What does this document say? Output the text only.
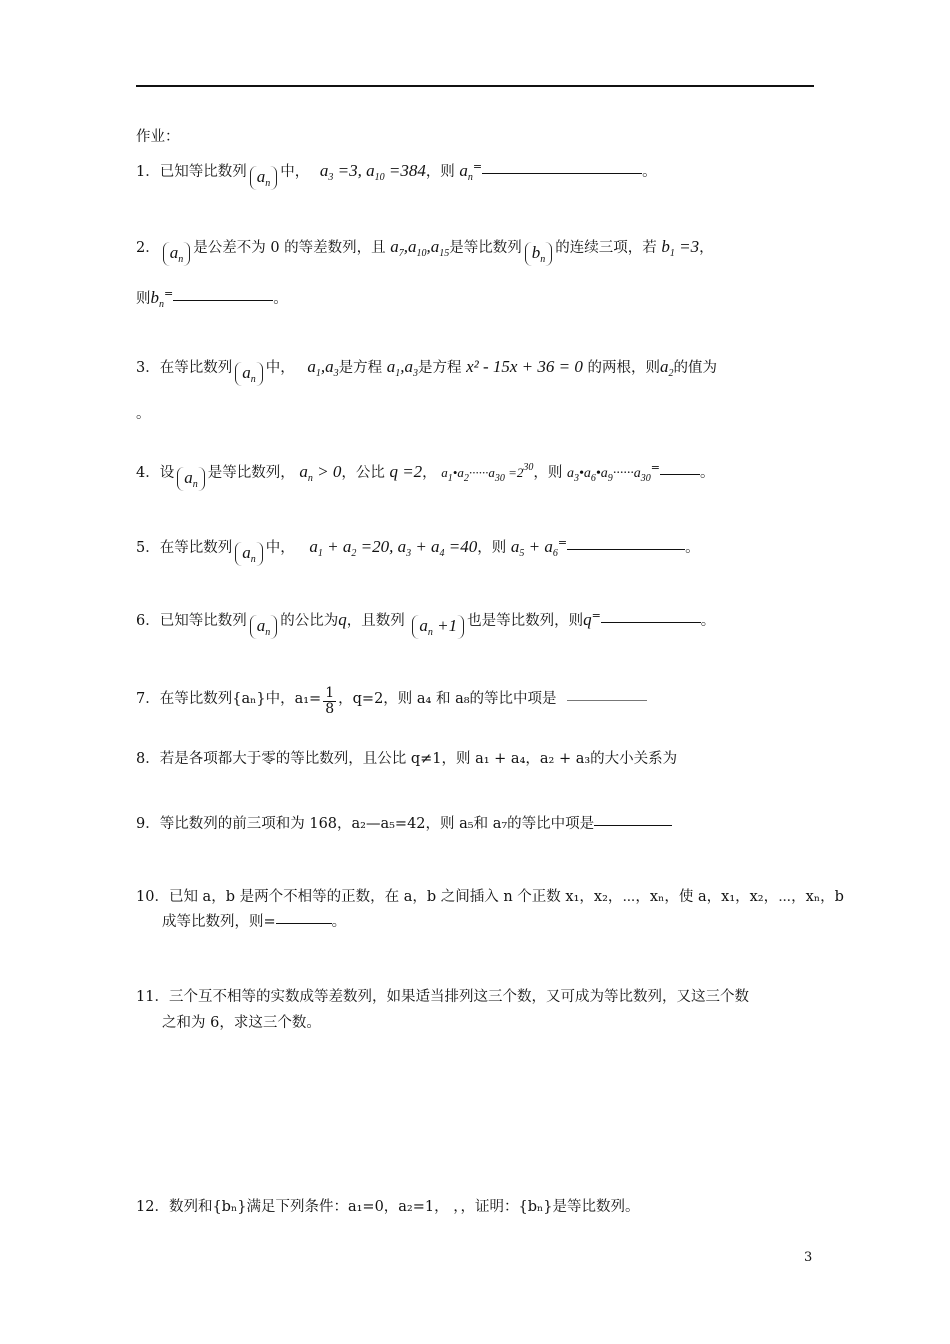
作业：
1．已知等比数列 $a_n$中， $a_3 =3$, $a_{10} =384$，则 $a_n^=$	。
2． $a_n$是公差不为 0 的等差数列，且 $a_7,a_{10},a_{15}$是等比数列 $b_n$的连续三项，若 $b_1 =3$，
则$b_n^=$	。
3．在等比数列 $a_n$中， $a_1,a_3$是方程 $a_1,a_3$是方程 x² - 15x + 36 = 0 的两根，则$a_2$的值为
。
4．设 $a_n$是等比数列， $a_n > 0$，公比 q =2， $a_1•a_2\cdot\cdot\cdot\cdot\cdot\cdot a_{30} =2^{30}$，则 $a_3•a_6•a_9\cdot\cdot\cdot\cdot\cdot\cdot a_{30}^=$	。
5．在等比数列 $a_n$中， $a_1 + a_2 =20$, $a_3 + a_4 =40$，则 $a_5 + a_6^=$	。
6．已知等比数列 $a_n$的公比为q，且数列 $a_n +1$ 也是等比数列，则q=	。
7．在等比数列{aₙ}中，$a_1= \frac{1}{8}$ ，q=2，则 a₄ 和 a₈的等比中项是
8．若是各项都大于零的等比数列，且公比 q≠1，则 a₁ + a₄，a₂ + a₃的大小关系为
9．等比数列的前三项和为 168，a₂—a₅=42，则 a₅和 a₇的等比中项是
10．已知 a，b 是两个不相等的正数，在 a，b 之间插入 n 个正数 x₁，x₂，⋯，xₙ，使 a，x₁，x₂，⋯，xₙ，b
成等比数列，则=	。
11．三个互不相等的实数成等差数列，如果适当排列这三个数，又可成为等比数列，又这三个数
之和为 6，求这三个数。
12．数列和{bₙ}满足下列条件：a₁=0，a₂=1， ，，证明：{bₙ}是等比数列。
3
